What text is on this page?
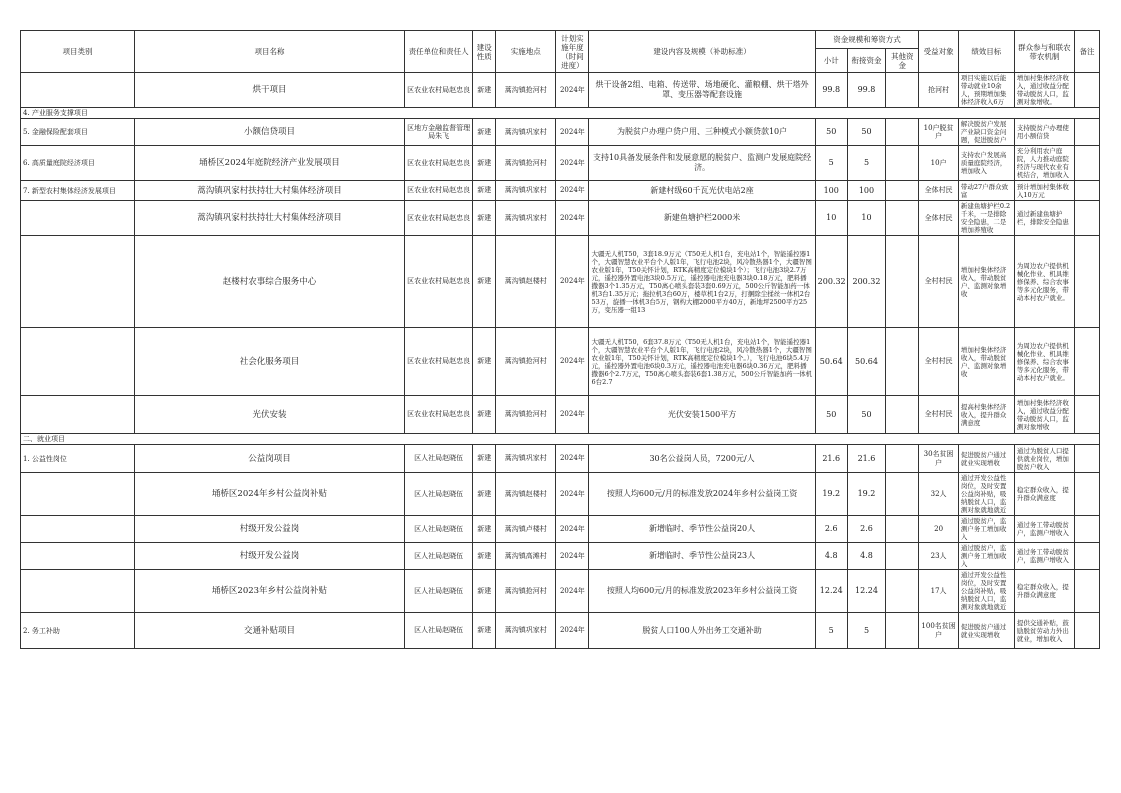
项目类别	项目名称	责任单位和责任人	建设性质	实施地点	计划实施年度（时间进度）	建设内容及规模（补助标准）	资金规模和筹资方式			受益对象	绩效目标	群众参与和联农带农机制	备注
							小计	衔接资金	其他资金				
	烘干项目	区农业农村局赵忠良	新建	蒿沟镇抢河村	2024年	烘干设备2组、电箱、传送带、场地硬化、灌粮棚、烘干塔外罩、变压器等配套设施	99.8	99.8		抢河村	项目实施以后能带动就业10余人，预期增加集体经济收入6万	增加村集体经济收入，通过收益分配带动脱贫人口，监测对象增收。	
4. 产业服务支撑项目													
5. 金融保险配套项目	小额信贷项目	区地方金融监督管理局朱飞	新建	蒿沟镇巩家村	2024年	为脱贫户办理户贷户用、三种模式小额贷款10户	50	50		10户脱贫户	解决脱贫户发展产业缺口资金问题，促进脱贫户	支持脱贫户办理使用小额信贷	
6. 高质量庭院经济项目	埇桥区2024年庭院经济产业发展项目	区农业农村局赵忠良	新建	蒿沟镇抢河村	2024年	支持10具备发展条件和发展意愿的脱贫户、监测户发展庭院经济。	5	5		10户	支持农户发展高质量庭院经济，增加收入	充分利用农户庭院，人力推动庭院经济与现代农业有机结合，增加收入	
7. 新型农村集体经济发展项目	蒿沟镇巩家村扶持壮大村集体经济项目	区农业农村局赵忠良	新建	蒿沟镇巩家村	2024年	新建村级60千瓦光伏电站2座	100	100		全体村民	带动27户群众致富	预计增加村集体收入10万元	
	蒿沟镇巩家村扶持壮大村集体经济项目	区农业农村局赵忠良	新建	蒿沟镇巩家村	2024年	新建鱼塘护栏2000米	10	10		全体村民	新建鱼塘护栏0.2千米，一是排除安全隐患，二是增加养殖收	通过新建鱼塘护栏，排除安全隐患	
	赵楼村农事综合服务中心	区农业农村局赵忠良	新建	蒿沟镇赵楼村	2024年	大疆无人机T50，3套18.9万元（T50无人机1台，充电站1个，智能遥控器1个，大疆智慧农业平台个人版1年，飞行电池2块，风冷散热器1个，大疆智图农业版1年，T50关怀计划，RTK高精度定位模块1个）；飞行电池3块2.7万元，遥控器外置电池3块0.5万元，遥控器电池充电器3块0.18万元，肥料播撒器3个1.35万元，T50离心喷头套装3套0.69万元，500公斤智能加药一体机3台1.35万元；拖拉机3台60万，楼草机1台2万，打捆除尘揉丝一体机2台53万，旋播一体机3台5万，钢构大棚2000平方40万，新地坪2500平方25万，变压器一组13	200.32	200.32		全村村民	增加村集体经济收入，带动脱贫户、监测对象增收	为周边农户提供机械化作业、机具维修保养、综合农事等多元化服务，带动本村农户就业。	
	社会化服务项目	区农业农村局赵忠良	新建	蒿沟镇抢河村	2024年	大疆无人机T50，6套37.8万元（T50无人机1台，充电站1个，智能遥控器1个，大疆智慧农业平台个人版1年，飞行电池2块，风冷散热器1个，大疆智图农业版1年，T50关怀计划，RTK高精度定位模块1个。），飞行电池6块5.4万元，遥控器外置电池6块0.3万元，遥控器电池充电器6块0.36万元，肥料播撒器6个2.7万元，T50离心喷头套装6套1.38万元，500公斤智能加药一体机6台2.7	50.64	50.64		全村村民	增加村集体经济收入，带动脱贫户、监测对象增收	为周边农户提供机械化作业、机具维修保养、综合农事等多元化服务，带动本村农户就业。	
	光伏安装	区农业农村局赵忠良	新建	蒿沟镇抢河村	2024年	光伏安装1500平方	50	50		全村村民	提高村集体经济收入，提升群众满意度	增加村集体经济收入，通过收益分配带动脱贫人口，监测对象增收	
二、就业项目													
1. 公益性岗位	公益岗项目	区人社局赵晓伍	新建	蒿沟镇巩家村	2024年	30名公益岗人员，7200元/人	21.6	21.6		30名贫困户	促进脱贫户通过就业实现增收	通过为脱贫人口提供就业岗位，增加脱贫户收入	
	埇桥区2024年乡村公益岗补贴	区人社局赵晓伍	新建	蒿沟镇赵楼村	2024年	按照人均600元/月的标准发放2024年乡村公益岗工资	19.2	19.2		32人	通过开发公益性岗位，及时安置公益岗补贴，吸纳脱贫人口，监测对象就地就近	稳定群众收入，提升群众满意度	
	村级开发公益岗	区人社局赵晓伍	新建	蒿沟镇卢楼村	2024年	新增临时、季节性公益岗20人	2.6	2.6		20	通过脱贫户，监测户务工增加收入	通过务工带动脱贫户，监测户增收入	
	村级开发公益岗	区人社局赵晓伍	新建	蒿沟镇高滩村	2024年	新增临时、季节性公益岗23人	4.8	4.8		23人	通过脱贫户，监测户务工增加收入	通过务工带动脱贫户，监测户增收入	
	埇桥区2023年乡村公益岗补贴	区人社局赵晓伍	新建	蒿沟镇抢河村	2024年	按照人均600元/月的标准发放2023年乡村公益岗工资	12.24	12.24		17人	通过开发公益性岗位，及时安置公益岗补贴，吸纳脱贫人口，监测对象就地就近	稳定群众收入，提升群众满意度	
2. 务工补助	交通补贴项目	区人社局赵晓伍	新建	蒿沟镇巩家村	2024年	脱贫人口100人外出务工交通补助	5	5		100名贫困户	促进脱贫户通过就业实现增收	提供交通补贴，鼓励脱贫劳动力外出就业，增加收入	
